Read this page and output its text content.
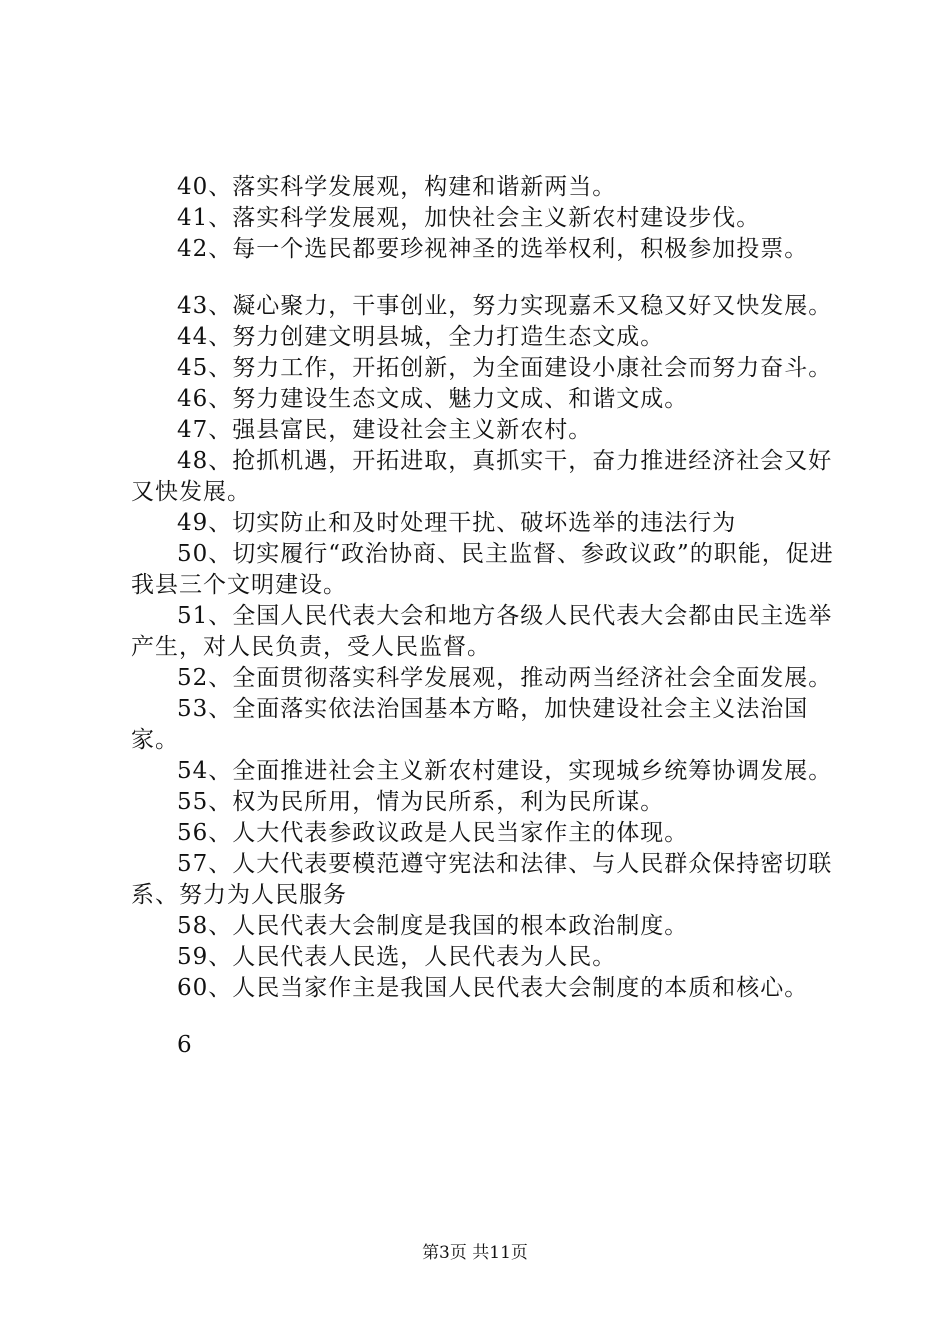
40、落实科学发展观，构建和谐新两当。

41、落实科学发展观，加快社会主义新农村建设步伐。

42、每一个选民都要珍视神圣的选举权利，积极参加投票。

43、凝心聚力，干事创业，努力实现嘉禾又稳又好又快发展。

44、努力创建文明县城，全力打造生态文成。

45、努力工作，开拓创新，为全面建设小康社会而努力奋斗。

46、努力建设生态文成、魅力文成、和谐文成。

47、强县富民，建设社会主义新农村。

48、抢抓机遇，开拓进取，真抓实干，奋力推进经济社会又好又快发展。

49、切实防止和及时处理干扰、破坏选举的违法行为

50、切实履行“政治协商、民主监督、参政议政”的职能，促进我县三个文明建设。

51、全国人民代表大会和地方各级人民代表大会都由民主选举产生，对人民负责，受人民监督。

52、全面贯彻落实科学发展观，推动两当经济社会全面发展。

53、全面落实依法治国基本方略，加快建设社会主义法治国家。

54、全面推进社会主义新农村建设，实现城乡统筹协调发展。

55、权为民所用，情为民所系，利为民所谋。

56、人大代表参政议政是人民当家作主的体现。

57、人大代表要模范遵守宪法和法律、与人民群众保持密切联系、努力为人民服务

58、人民代表大会制度是我国的根本政治制度。

59、人民代表人民选，人民代表为人民。

60、人民当家作主是我国人民代表大会制度的本质和核心。

6

第3页 共11页
